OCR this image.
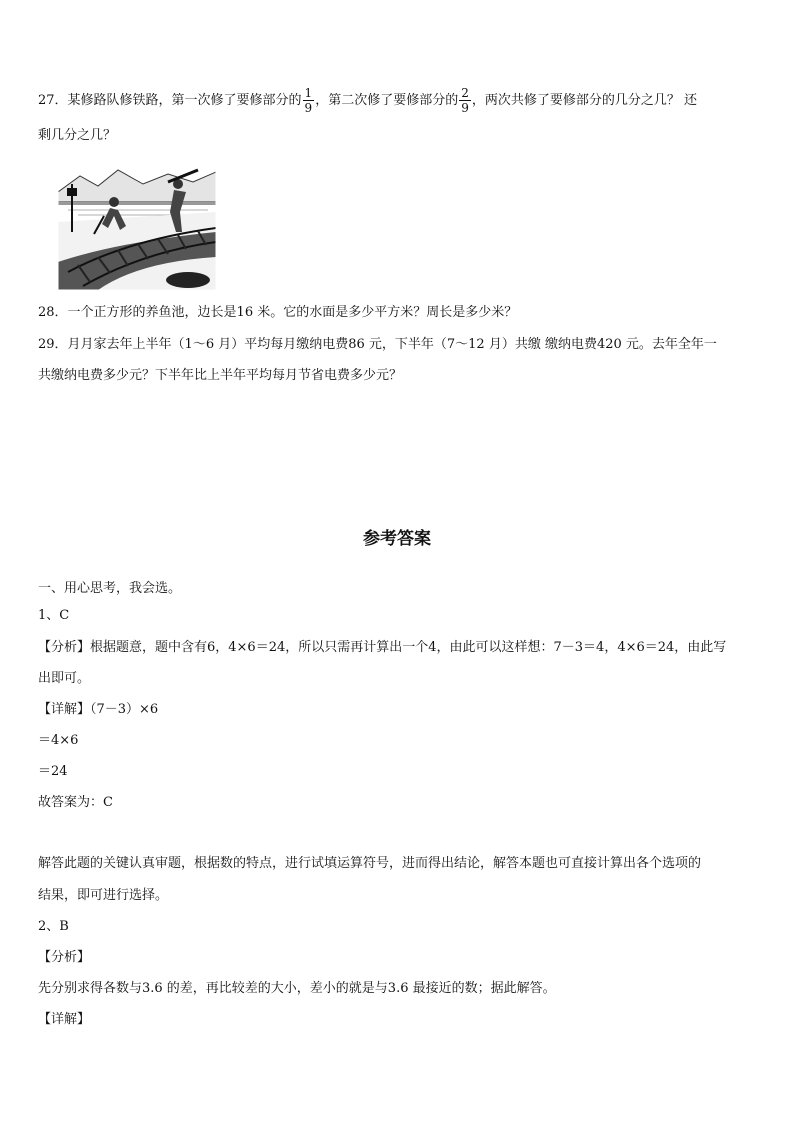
27．某修路队修铁路，第一次修了要修部分的 $\frac{1}{9}$ ，第二次修了要修部分的 $\frac{2}{9}$ ，两次共修了要修部分的几分之几？ 还
剩几分之几？
28．一个正方形的养鱼池，边长是16 米。它的水面是多少平方米？周长是多少米？
29．月月家去年上半年（1～6 月）平均每月缴纳电费86 元，下半年（7～12 月）共缴 缴纳电费420 元。去年全年一
共缴纳电费多少元？下半年比上半年平均每月节省电费多少元？
参考答案
一、用心思考，我会选。
1、C
【分析】根据题意，题中含有6，4×6＝24，所以只需再计算出一个4，由此可以这样想：7－3＝4，4×6＝24，由此写
出即可。
【详解】（7－3）×6
＝4×6
＝24
故答案为：C
解答此题的关键认真审题，根据数的特点，进行试填运算符号，进而得出结论，解答本题也可直接计算出各个选项的
结果，即可进行选择。
2、B
【分析】
先分别求得各数与3.6 的差，再比较差的大小，差小的就是与3.6 最接近的数；据此解答。
【详解】
